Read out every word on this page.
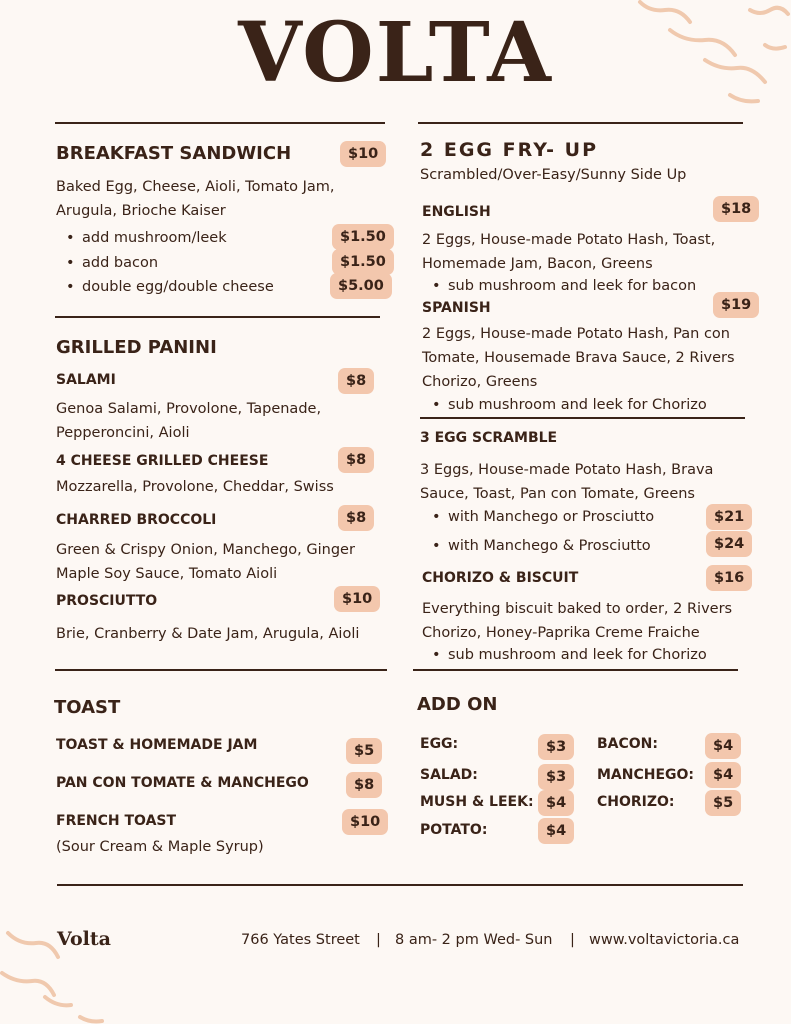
VOLTA
BREAKFAST SANDWICH	$10
Baked Egg, Cheese, Aioli, Tomato Jam,
Arugula, Brioche Kaiser
• add mushroom/leek	$1.50
• add bacon	$1.50
• double egg/double cheese	$5.00
GRILLED PANINI
SALAMI	$8
Genoa Salami, Provolone, Tapenade,
Pepperoncini, Aioli
4 CHEESE GRILLED CHEESE	$8
Mozzarella, Provolone, Cheddar, Swiss
CHARRED BROCCOLI	$8
Green & Crispy Onion, Manchego, Ginger
Maple Soy Sauce, Tomato Aioli
PROSCIUTTO	$10
Brie, Cranberry & Date Jam, Arugula, Aioli
2 EGG FRY- UP
Scrambled/Over-Easy/Sunny Side Up
ENGLISH	$18
2 Eggs, House-made Potato Hash, Toast,
Homemade Jam, Bacon, Greens
• sub mushroom and leek for bacon
SPANISH	$19
2 Eggs, House-made Potato Hash, Pan con
Tomate, Housemade Brava Sauce, 2 Rivers
Chorizo, Greens
• sub mushroom and leek for Chorizo
3 EGG SCRAMBLE
3 Eggs, House-made Potato Hash, Brava
Sauce, Toast, Pan con Tomate, Greens
• with Manchego or Prosciutto	$21
• with Manchego & Prosciutto	$24
CHORIZO & BISCUIT	$16
Everything biscuit baked to order, 2 Rivers
Chorizo, Honey-Paprika Creme Fraiche
• sub mushroom and leek for Chorizo
TOAST
TOAST & HOMEMADE JAM	$5
PAN CON TOMATE & MANCHEGO	$8
FRENCH TOAST	$10
(Sour Cream & Maple Syrup)
ADD ON
EGG:	$3
SALAD:	$3
MUSH & LEEK: $4
POTATO:	$4
BACON:	$4
MANCHEGO:	$4
CHORIZO:	$5
Volta	766 Yates Street | 8 am- 2 pm Wed- Sun | www.voltavictoria.ca
